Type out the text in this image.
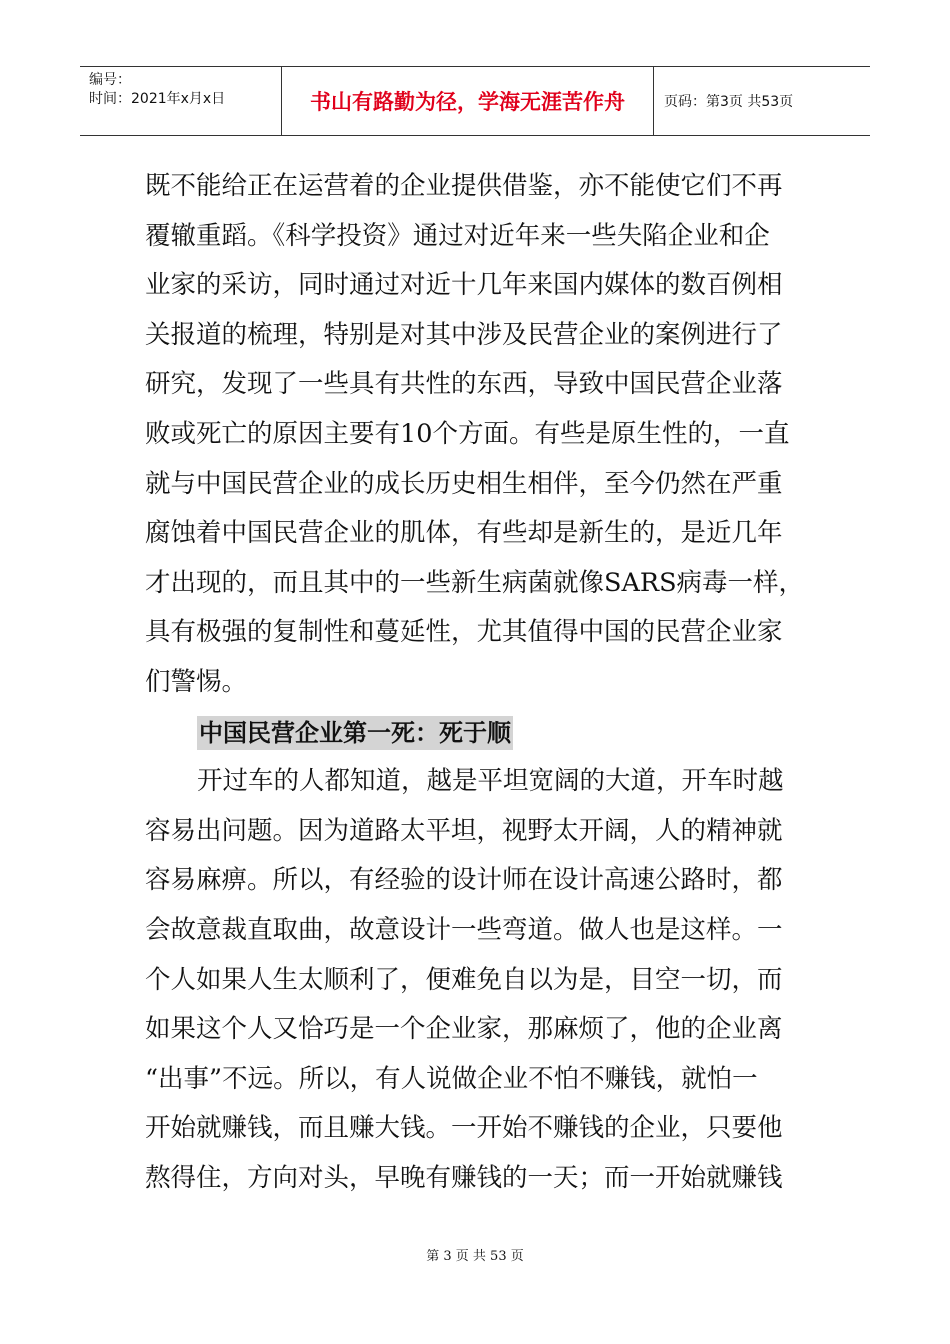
编号：
时间：2021年x月x日	书山有路勤为径，学海无涯苦作舟	页码：第3页 共53页
既不能给正在运营着的企业提供借鉴，亦不能使它们不再
覆辙重蹈。《科学投资》通过对近年来一些失陷企业和企
业家的采访，同时通过对近十几年来国内媒体的数百例相
关报道的梳理，特别是对其中涉及民营企业的案例进行了
研究，发现了一些具有共性的东西，导致中国民营企业落
败或死亡的原因主要有10个方面。有些是原生性的，一直
就与中国民营企业的成长历史相生相伴，至今仍然在严重
腐蚀着中国民营企业的肌体，有些却是新生的，是近几年
才出现的，而且其中的一些新生病菌就像SARS病毒一样，
具有极强的复制性和蔓延性，尤其值得中国的民营企业家
们警惕。
中国民营企业第一死：死于顺
开过车的人都知道，越是平坦宽阔的大道，开车时越
容易出问题。因为道路太平坦，视野太开阔，人的精神就
容易麻痹。所以，有经验的设计师在设计高速公路时，都
会故意裁直取曲，故意设计一些弯道。做人也是这样。一
个人如果人生太顺利了，便难免自以为是，目空一切，而
如果这个人又恰巧是一个企业家，那麻烦了，他的企业离
“出事”不远。所以，有人说做企业不怕不赚钱，就怕一
开始就赚钱，而且赚大钱。一开始不赚钱的企业，只要他
熬得住，方向对头，早晚有赚钱的一天；而一开始就赚钱
第 3 页 共 53 页
